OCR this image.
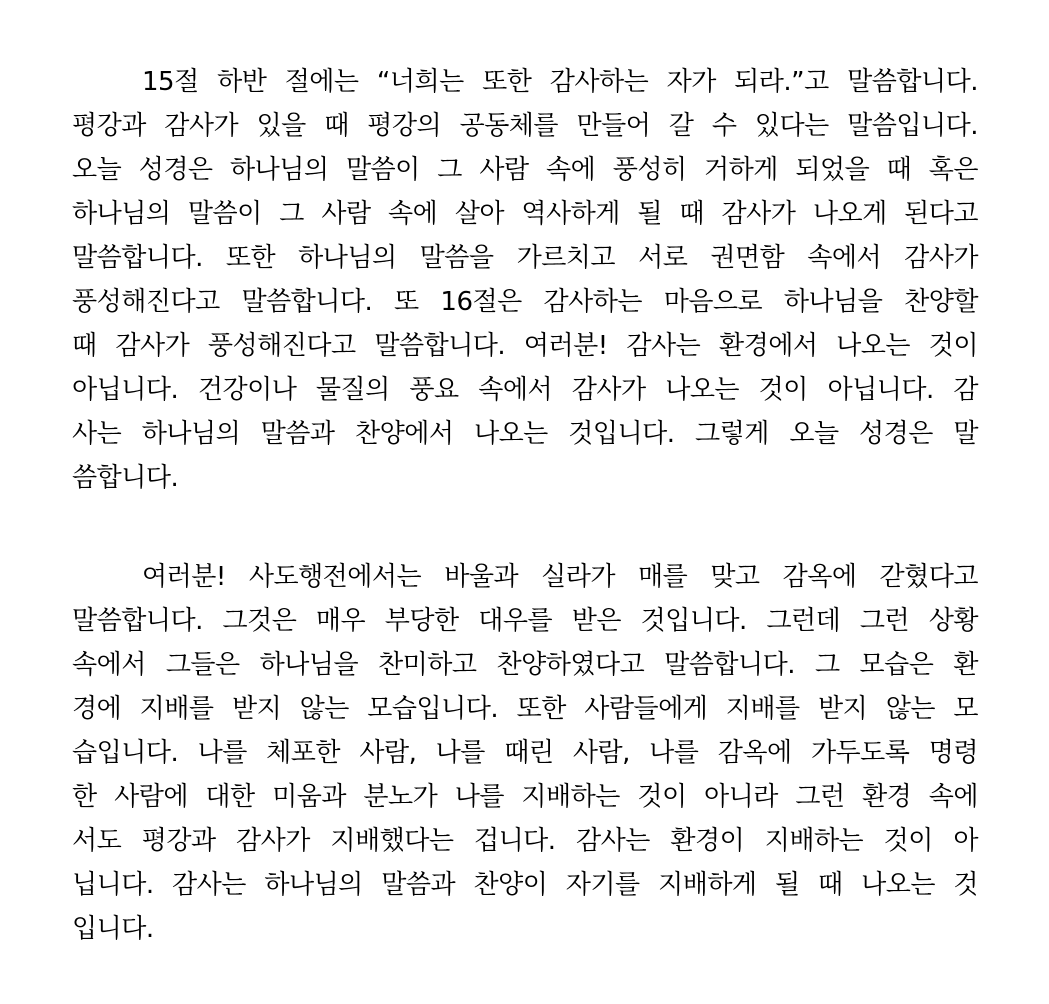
15절 하반 절에는 “너희는 또한 감사하는 자가 되라.”고 말씀합니다.
평강과 감사가 있을 때 평강의 공동체를 만들어 갈 수 있다는 말씀입니다.
오늘 성경은 하나님의 말씀이 그 사람 속에 풍성히 거하게 되었을 때 혹은
하나님의 말씀이 그 사람 속에 살아 역사하게 될 때 감사가 나오게 된다고
말씀합니다. 또한 하나님의 말씀을 가르치고 서로 권면함 속에서 감사가
풍성해진다고 말씀합니다. 또 16절은 감사하는 마음으로 하나님을 찬양할
때 감사가 풍성해진다고 말씀합니다. 여러분! 감사는 환경에서 나오는 것이
아닙니다. 건강이나 물질의 풍요 속에서 감사가 나오는 것이 아닙니다. 감
사는 하나님의 말씀과 찬양에서 나오는 것입니다. 그렇게 오늘 성경은 말
씀합니다.
여러분! 사도행전에서는 바울과 실라가 매를 맞고 감옥에 갇혔다고
말씀합니다. 그것은 매우 부당한 대우를 받은 것입니다. 그런데 그런 상황
속에서 그들은 하나님을 찬미하고 찬양하였다고 말씀합니다. 그 모습은 환
경에 지배를 받지 않는 모습입니다. 또한 사람들에게 지배를 받지 않는 모
습입니다. 나를 체포한 사람, 나를 때린 사람, 나를 감옥에 가두도록 명령
한 사람에 대한 미움과 분노가 나를 지배하는 것이 아니라 그런 환경 속에
서도 평강과 감사가 지배했다는 겁니다. 감사는 환경이 지배하는 것이 아
닙니다. 감사는 하나님의 말씀과 찬양이 자기를 지배하게 될 때 나오는 것
입니다.
